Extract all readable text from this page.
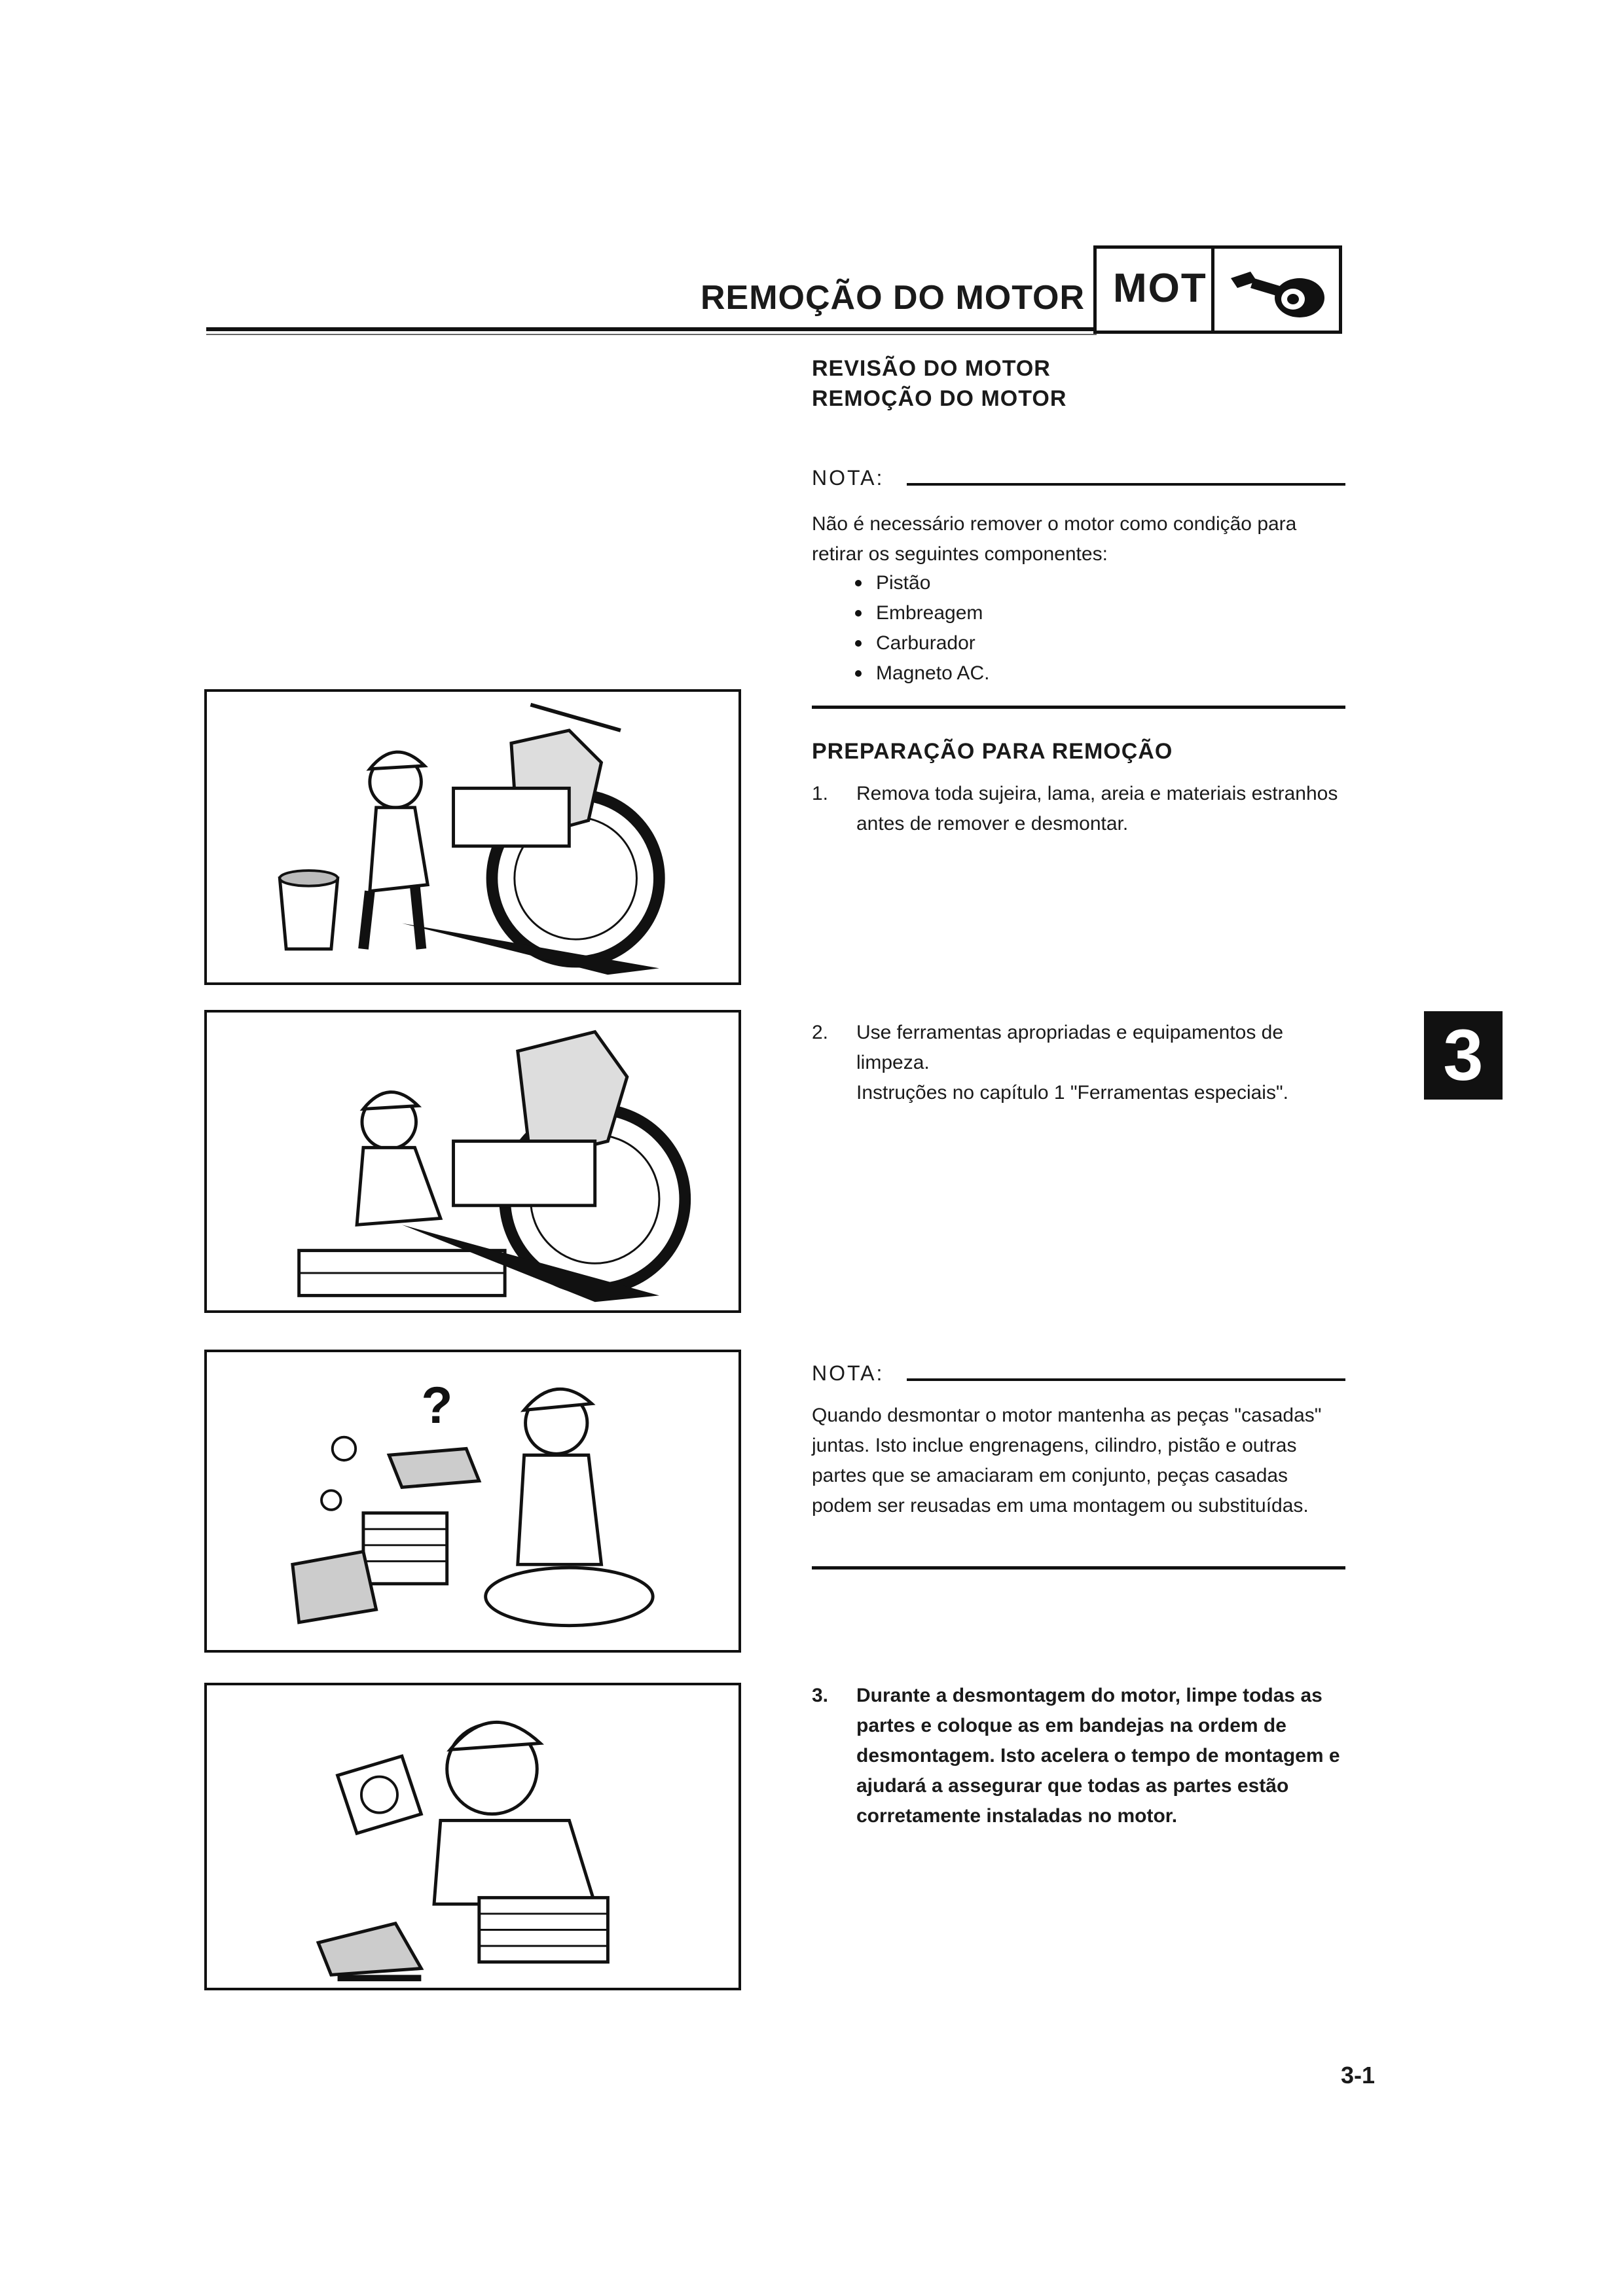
REMOÇÃO DO MOTOR MOT
REVISÃO DO MOTOR
REMOÇÃO DO MOTOR
NOTA:
Não é necessário remover o motor como condição para retirar os seguintes componentes:
Pistão
Embreagem
Carburador
Magneto AC.
PREPARAÇÃO PARA REMOÇÃO
1. Remova toda sujeira, lama, areia e materiais estranhos antes de remover e desmontar.
2. Use ferramentas apropriadas e equipamentos de limpeza.
Instruções no capítulo 1 "Ferramentas especiais".
NOTA:
Quando desmontar o motor mantenha as peças "casadas" juntas. Isto inclue engrenagens, cilindro, pistão e outras partes que se amaciaram em conjunto, peças casadas podem ser reusadas em uma montagem ou substituídas.
3. Durante a desmontagem do motor, limpe todas as partes e coloque as em bandejas na ordem de desmontagem. Isto acelera o tempo de montagem e ajudará a assegurar que todas as partes estão corretamente instaladas no motor.
?
3
3-1
